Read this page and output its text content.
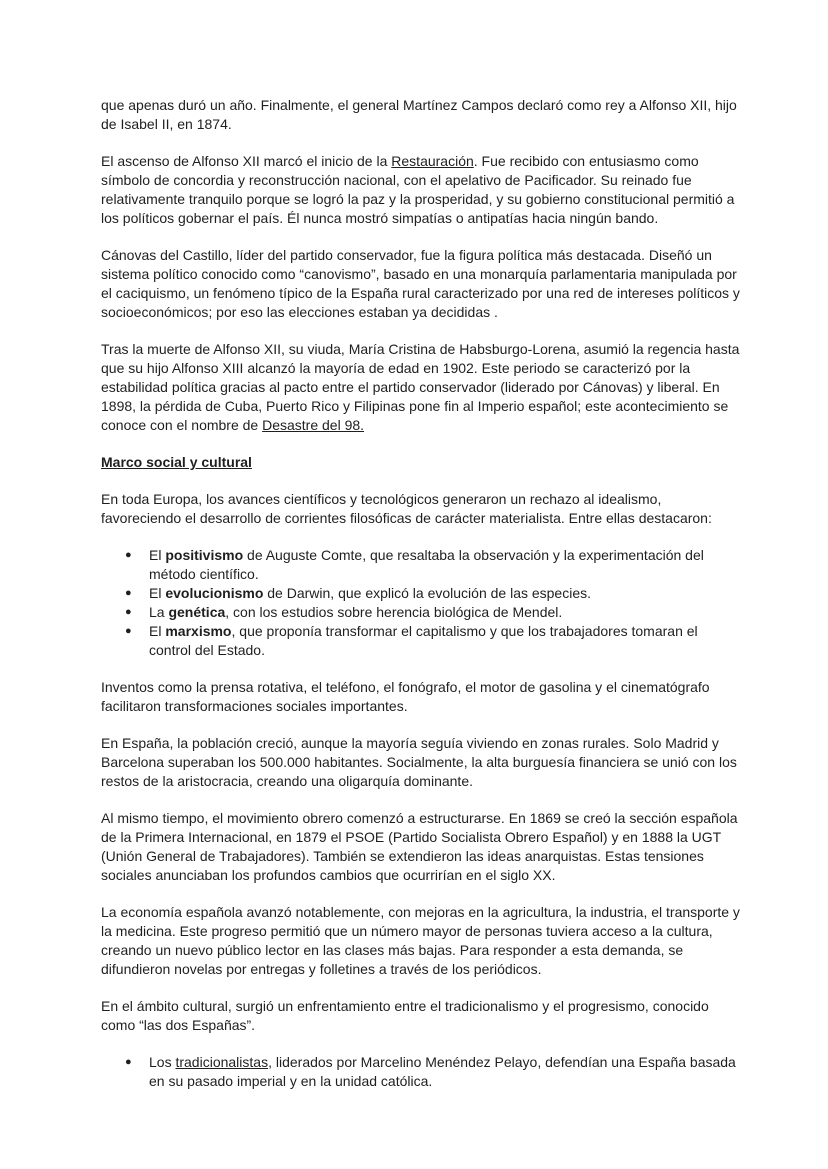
que apenas duró un año. Finalmente, el general Martínez Campos declaró como rey a Alfonso XII, hijo de Isabel II, en 1874.

El ascenso de Alfonso XII marcó el inicio de la Restauración. Fue recibido con entusiasmo como símbolo de concordia y reconstrucción nacional, con el apelativo de Pacificador. Su reinado fue relativamente tranquilo porque se logró la paz y la prosperidad, y su gobierno constitucional permitió a los políticos gobernar el país. Él nunca mostró simpatías o antipatías hacia ningún bando.

Cánovas del Castillo, líder del partido conservador, fue la figura política más destacada. Diseñó un sistema político conocido como “canovismo”, basado en una monarquía parlamentaria manipulada por el caciquismo, un fenómeno típico de la España rural caracterizado por una red de intereses políticos y socioeconómicos; por eso las elecciones estaban ya decididas .

Tras la muerte de Alfonso XII, su viuda, María Cristina de Habsburgo-Lorena, asumió la regencia hasta que su hijo Alfonso XIII alcanzó la mayoría de edad en 1902. Este periodo se caracterizó por la estabilidad política gracias al pacto entre el partido conservador (liderado por Cánovas) y liberal. En 1898, la pérdida de Cuba, Puerto Rico y Filipinas pone fin al Imperio español; este acontecimiento se conoce con el nombre de Desastre del 98.

Marco social y cultural

En toda Europa, los avances científicos y tecnológicos generaron un rechazo al idealismo, favoreciendo el desarrollo de corrientes filosóficas de carácter materialista. Entre ellas destacaron:

● El positivismo de Auguste Comte, que resaltaba la observación y la experimentación del método científico.
● El evolucionismo de Darwin, que explicó la evolución de las especies.
● La genética, con los estudios sobre herencia biológica de Mendel.
● El marxismo, que proponía transformar el capitalismo y que los trabajadores tomaran el control del Estado.

Inventos como la prensa rotativa, el teléfono, el fonógrafo, el motor de gasolina y el cinematógrafo facilitaron transformaciones sociales importantes.

En España, la población creció, aunque la mayoría seguía viviendo en zonas rurales. Solo Madrid y Barcelona superaban los 500.000 habitantes. Socialmente, la alta burguesía financiera se unió con los restos de la aristocracia, creando una oligarquía dominante.

Al mismo tiempo, el movimiento obrero comenzó a estructurarse. En 1869 se creó la sección española de la Primera Internacional, en 1879 el PSOE (Partido Socialista Obrero Español) y en 1888 la UGT (Unión General de Trabajadores). También se extendieron las ideas anarquistas. Estas tensiones sociales anunciaban los profundos cambios que ocurrirían en el siglo XX.

La economía española avanzó notablemente, con mejoras en la agricultura, la industria, el transporte y la medicina. Este progreso permitió que un número mayor de personas tuviera acceso a la cultura, creando un nuevo público lector en las clases más bajas. Para responder a esta demanda, se difundieron novelas por entregas y folletines a través de los periódicos.

En el ámbito cultural, surgió un enfrentamiento entre el tradicionalismo y el progresismo, conocido como “las dos Españas”.

● Los tradicionalistas, liderados por Marcelino Menéndez Pelayo, defendían una España basada en su pasado imperial y en la unidad católica.
